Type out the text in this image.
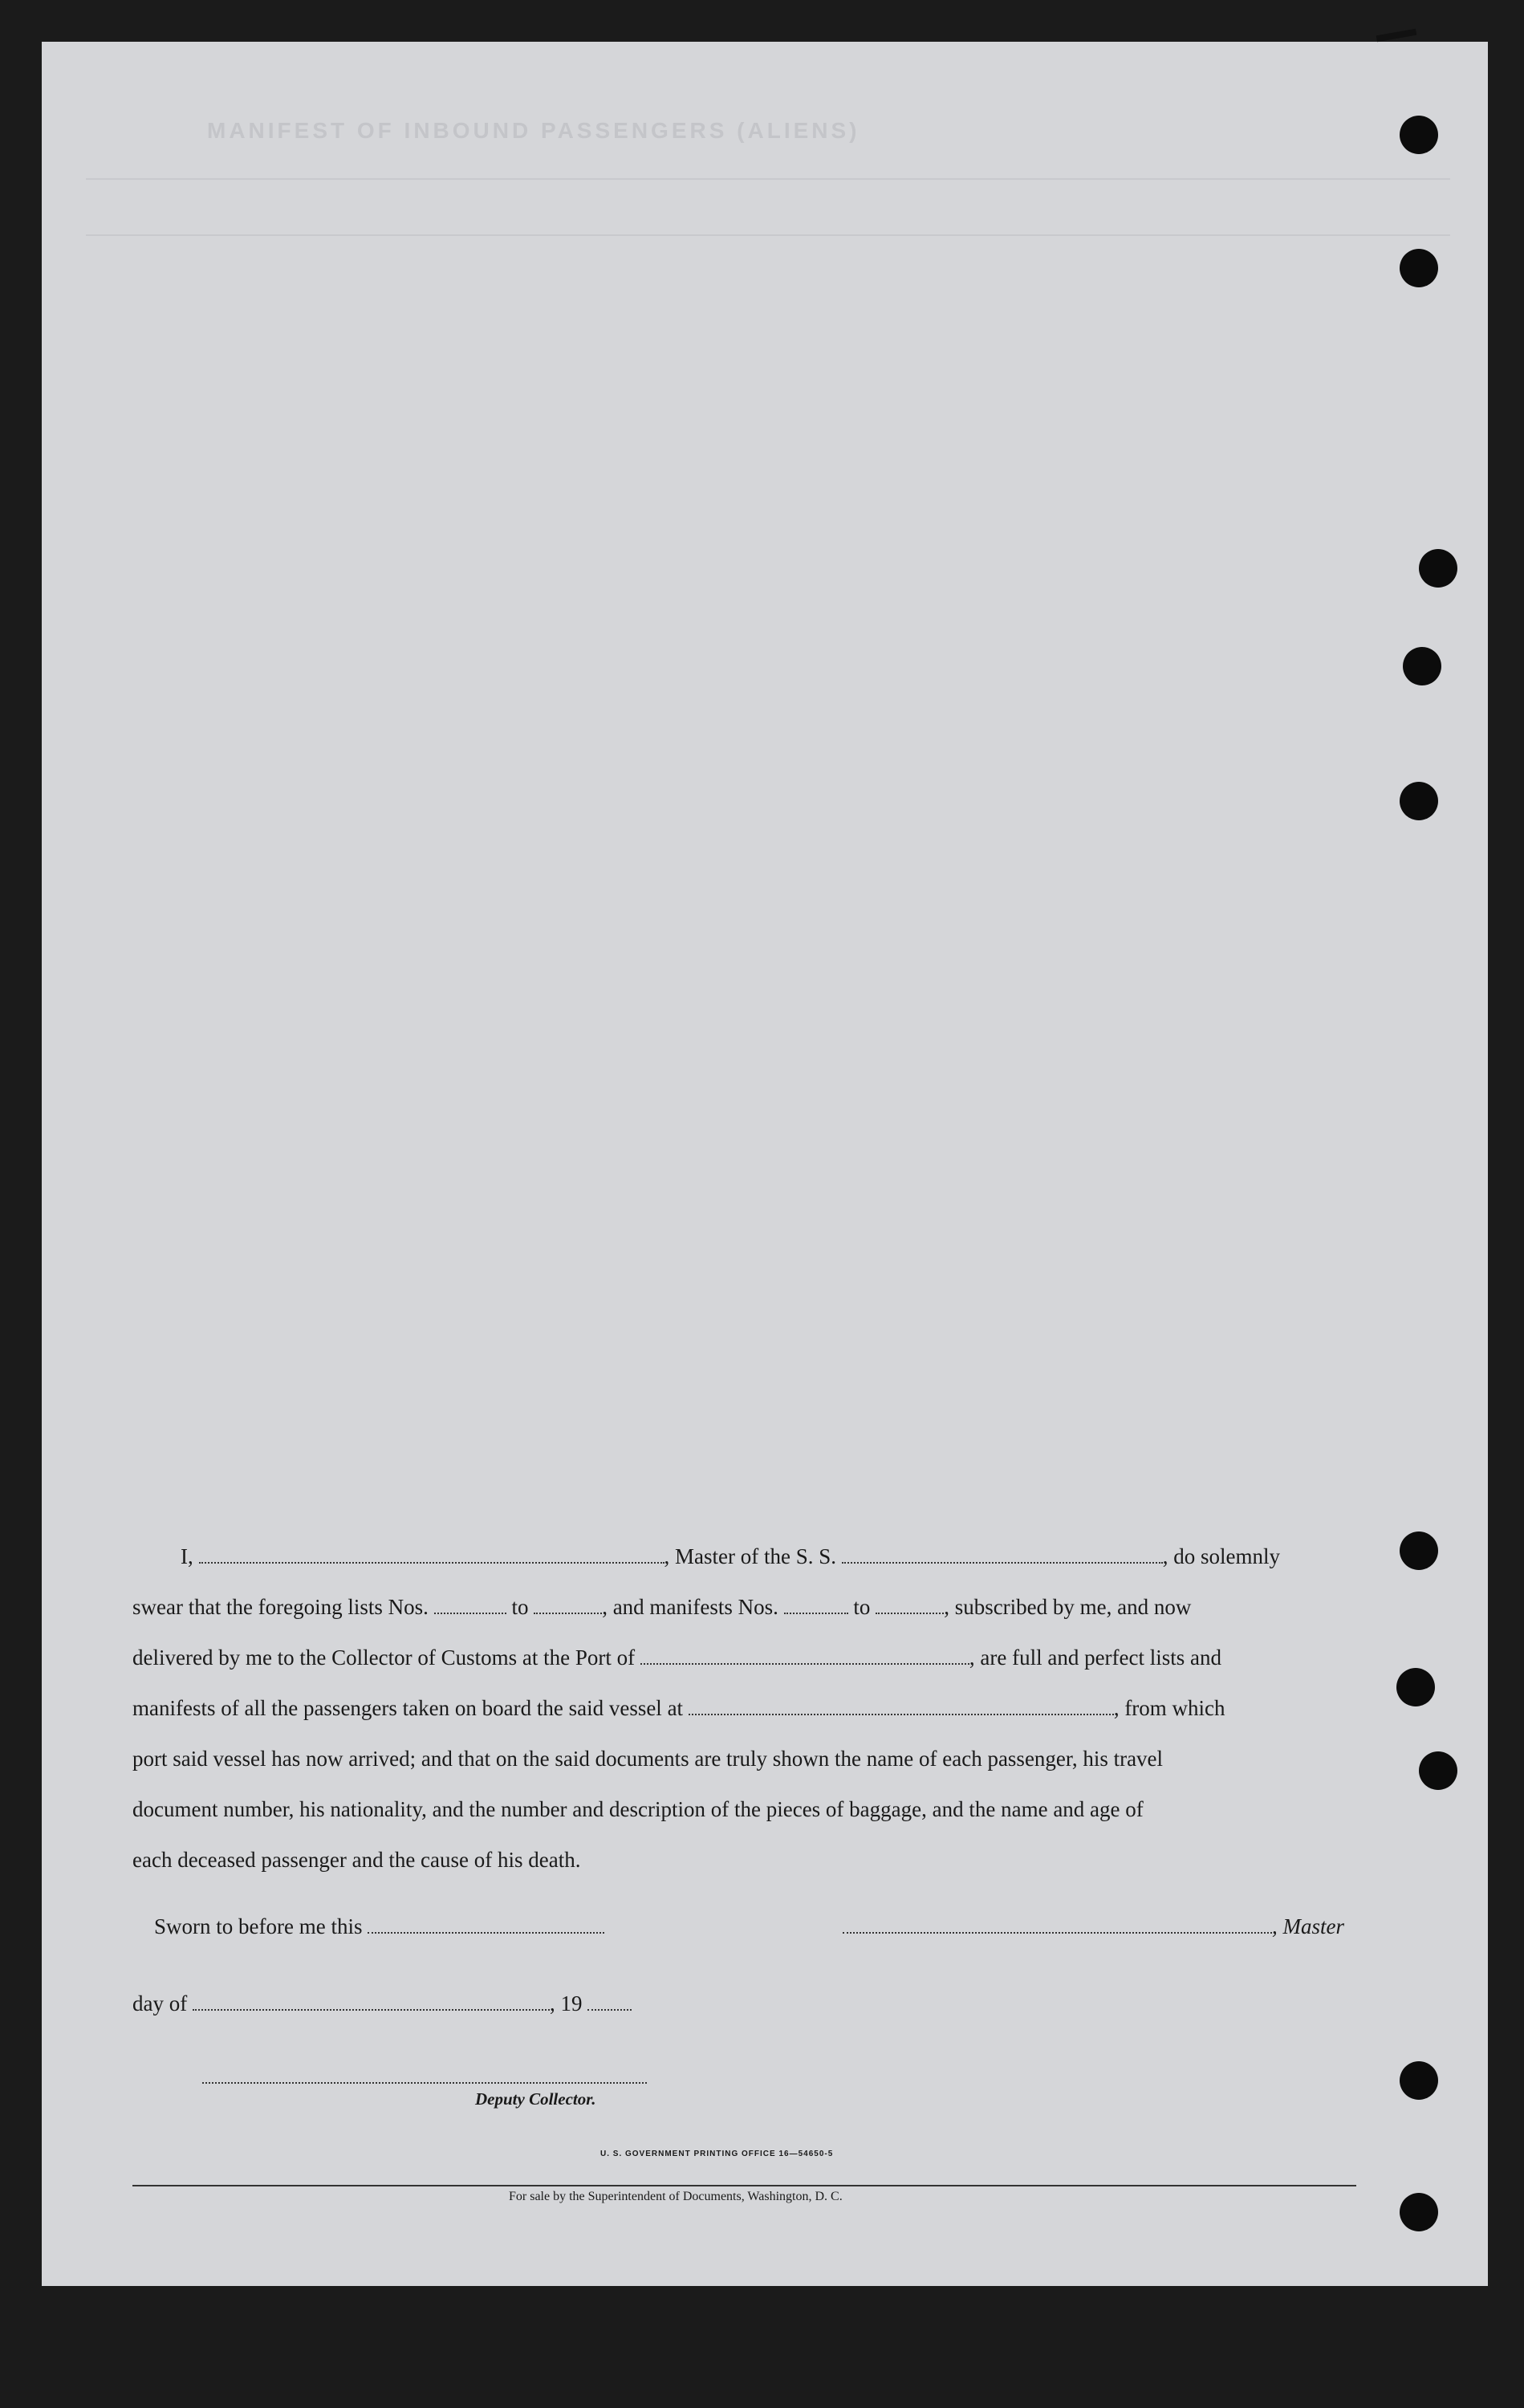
MANIFEST OF INBOUND PASSENGERS (ALIENS)

I,	, Master of the S. S.	, do solemnly

swear that the foregoing lists Nos.	to	, and manifests Nos.	to	, subscribed by me, and now

delivered by me to the Collector of Customs at the Port of	, are full and perfect lists and

manifests of all the passengers taken on board the said vessel at	, from which

port said vessel has now arrived; and that on the said documents are truly shown the name of each passenger, his travel

document number, his nationality, and the number and description of the pieces of baggage, and the name and age of

each deceased passenger and the cause of his death.

Sworn to before me this	, Master
day of	, 19
Deputy Collector.
U. S. GOVERNMENT PRINTING OFFICE 16—54650-5
For sale by the Superintendent of Documents, Washington, D. C.
